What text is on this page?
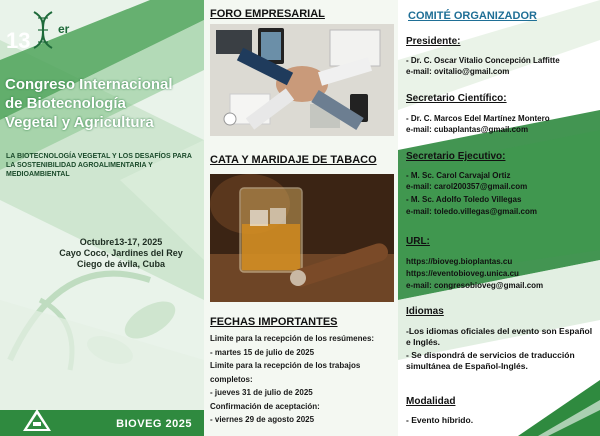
13 er
Congreso Internacional
de Biotecnología
Vegetal y Agricultura
LA BIOTECNOLOGÍA VEGETAL Y LOS DESAFÍOS PARA LA SOSTENIBILIDAD AGROALIMENTARIA Y MEDIOAMBIENTAL
Octubre13-17, 2025
Cayo Coco, Jardines del Rey
Ciego de ávila, Cuba
BIOVEG 2025
FORO EMPRESARIAL
CATA Y MARIDAJE DE TABACO
FECHAS IMPORTANTES
Limite para la recepción de los resúmenes:
- martes 15 de julio de 2025
Limite para la recepción de los trabajos completos:
- jueves 31 de julio de 2025
Confirmación de aceptación:
- viernes 29 de agosto 2025
COMITÉ ORGANIZADOR
Presidente:
- Dr. C. Oscar Vitalio Concepción Laffitte
e-mail: ovitalio@gmail.com
Secretario Científico:
- Dr. C. Marcos Edel Martínez Montero
e-mail: cubaplantas@gmail.com
Secretario Ejecutivo:
- M. Sc. Carol Carvajal Ortiz
e-mail: carol200357@gmail.com
- M. Sc. Adolfo Toledo Villegas
e-mail: toledo.villegas@gmail.com
URL:
https://bioveg.bioplantas.cu
https://eventobioveg.unica.cu
e-mail: congresobioveg@gmail.com
Idiomas
-Los idiomas oficiales del evento son Español e Inglés.
- Se dispondrá de servicios de traducción simultánea de Español-Inglés.
Modalidad
- Evento híbrido.
